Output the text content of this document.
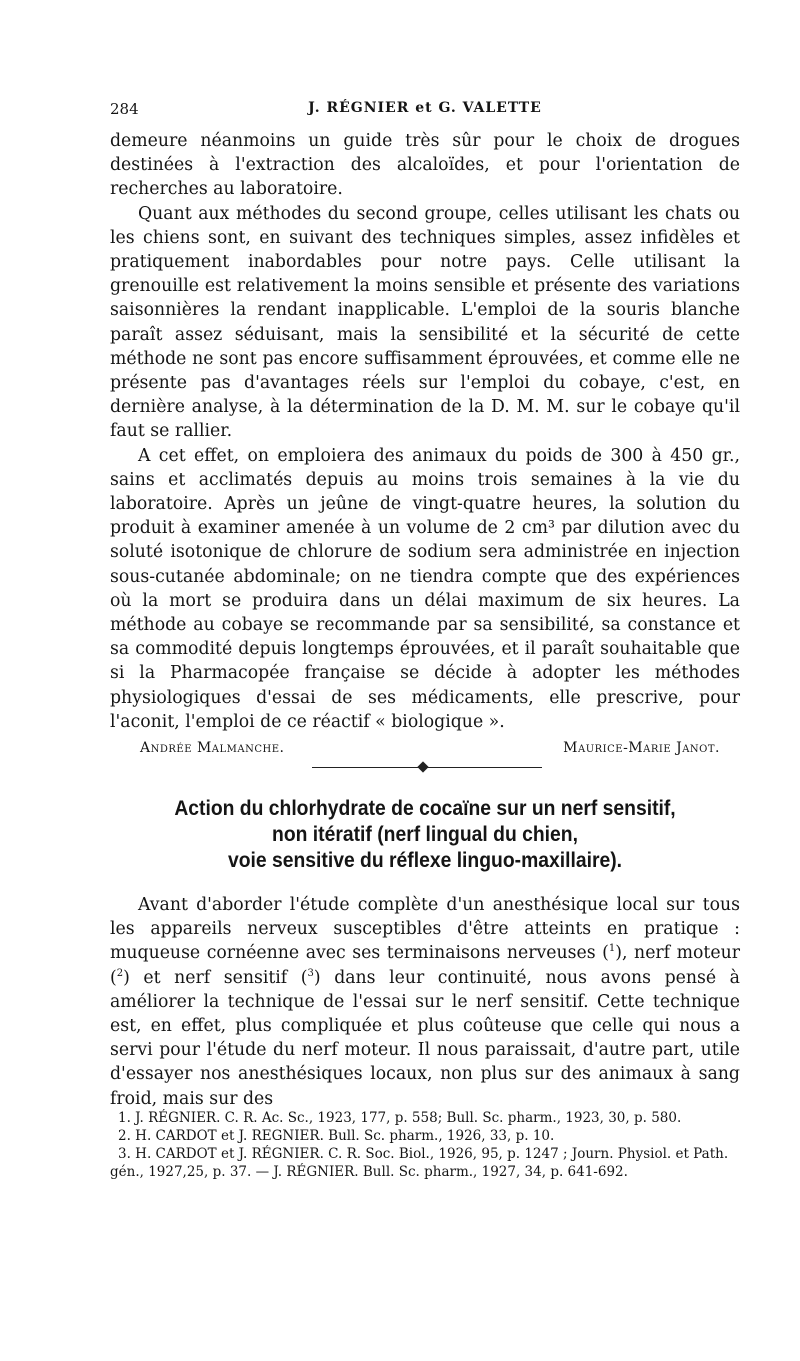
284	J. RÉGNIER et G. VALETTE

demeure néanmoins un guide très sûr pour le choix de drogues destinées à l'extraction des alcaloïdes, et pour l'orientation de recherches au laboratoire.

Quant aux méthodes du second groupe, celles utilisant les chats ou les chiens sont, en suivant des techniques simples, assez infidèles et pratiquement inabordables pour notre pays. Celle utilisant la grenouille est relativement la moins sensible et présente des variations saisonnières la rendant inapplicable. L'emploi de la souris blanche paraît assez séduisant, mais la sensibilité et la sécurité de cette méthode ne sont pas encore suffisamment éprouvées, et comme elle ne présente pas d'avantages réels sur l'emploi du cobaye, c'est, en dernière analyse, à la détermination de la D. M. M. sur le cobaye qu'il faut se rallier.

A cet effet, on emploiera des animaux du poids de 300 à 450 gr., sains et acclimatés depuis au moins trois semaines à la vie du laboratoire. Après un jeûne de vingt-quatre heures, la solution du produit à examiner amenée à un volume de 2 cm³ par dilution avec du soluté isotonique de chlorure de sodium sera administrée en injection sous-cutanée abdominale; on ne tiendra compte que des expériences où la mort se produira dans un délai maximum de six heures. La méthode au cobaye se recommande par sa sensibilité, sa constance et sa commodité depuis longtemps éprouvées, et il paraît souhaitable que si la Pharmacopée française se décide à adopter les méthodes physiologiques d'essai de ses médicaments, elle prescrive, pour l'aconit, l'emploi de ce réactif « biologique ».

Andrée Malmanche.	Maurice-Marie Janot.
Action du chlorhydrate de cocaïne sur un nerf sensitif,
non itératif (nerf lingual du chien,
voie sensitive du réflexe linguo-maxillaire).

Avant d'aborder l'étude complète d'un anesthésique local sur tous les appareils nerveux susceptibles d'être atteints en pratique : muqueuse cornéenne avec ses terminaisons nerveuses ($^1$), nerf moteur ($^2$) et nerf sensitif ($^3$) dans leur continuité, nous avons pensé à améliorer la technique de l'essai sur le nerf sensitif. Cette technique est, en effet, plus compliquée et plus coûteuse que celle qui nous a servi pour l'étude du nerf moteur. Il nous paraissait, d'autre part, utile d'essayer nos anesthésiques locaux, non plus sur des animaux à sang froid, mais sur des

1. J. RÉGNIER. C. R. Ac. Sc., 1923, 177, p. 558; Bull. Sc. pharm., 1923, 30, p. 580.

2. H. CARDOT et J. REGNIER. Bull. Sc. pharm., 1926, 33, p. 10.

3. H. CARDOT et J. RÉGNIER. C. R. Soc. Biol., 1926, 95, p. 1247 ; Journ. Physiol. et Path. gén., 1927,25, p. 37. — J. RÉGNIER. Bull. Sc. pharm., 1927, 34, p. 641-692.
